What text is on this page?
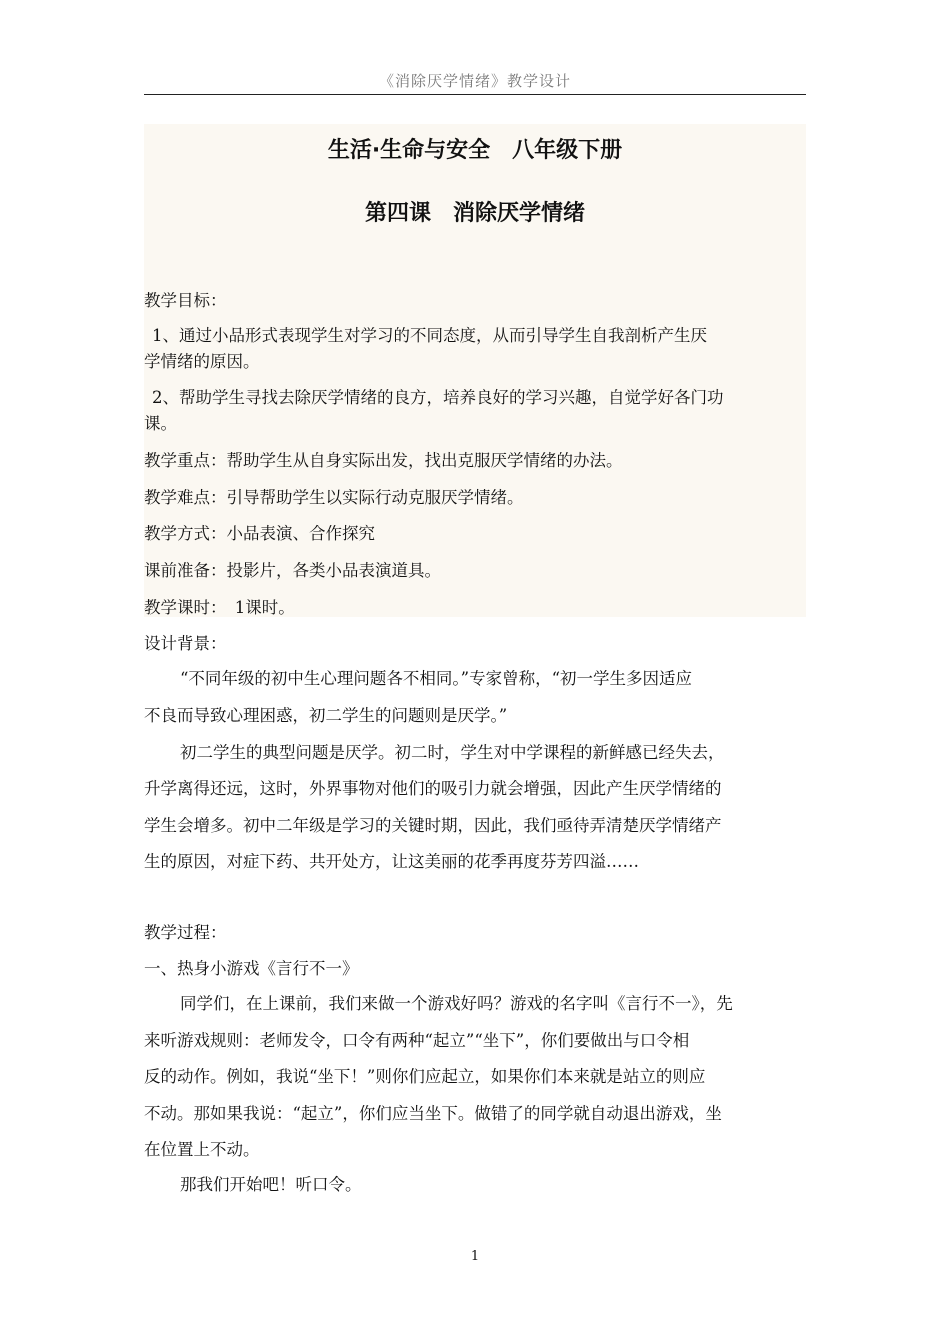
《消除厌学情绪》教学设计
生活·生命与安全　八年级下册
第四课　消除厌学情绪
教学目标：
1、通过小品形式表现学生对学习的不同态度，从而引导学生自我剖析产生厌
学情绪的原因。
2、帮助学生寻找去除厌学情绪的良方，培养良好的学习兴趣，自觉学好各门功
课。
教学重点：帮助学生从自身实际出发，找出克服厌学情绪的办法。
教学难点：引导帮助学生以实际行动克服厌学情绪。
教学方式：小品表演、合作探究
课前准备：投影片，各类小品表演道具。
教学课时：　1课时。
设计背景：
“不同年级的初中生心理问题各不相同。”专家曾称，“初一学生多因适应
不良而导致心理困惑，初二学生的问题则是厌学。”
初二学生的典型问题是厌学。初二时，学生对中学课程的新鲜感已经失去，
升学离得还远，这时，外界事物对他们的吸引力就会增强，因此产生厌学情绪的
学生会增多。初中二年级是学习的关键时期，因此，我们亟待弄清楚厌学情绪产
生的原因，对症下药、共开处方，让这美丽的花季再度芬芳四溢……
教学过程：
一、热身小游戏《言行不一》
同学们，在上课前，我们来做一个游戏好吗？游戏的名字叫《言行不一》，先
来听游戏规则：老师发令，口令有两种“起立”“坐下”，你们要做出与口令相
反的动作。例如，我说“坐下！”则你们应起立，如果你们本来就是站立的则应
不动。那如果我说：“起立”，你们应当坐下。做错了的同学就自动退出游戏，坐
在位置上不动。
那我们开始吧！听口令。
1
